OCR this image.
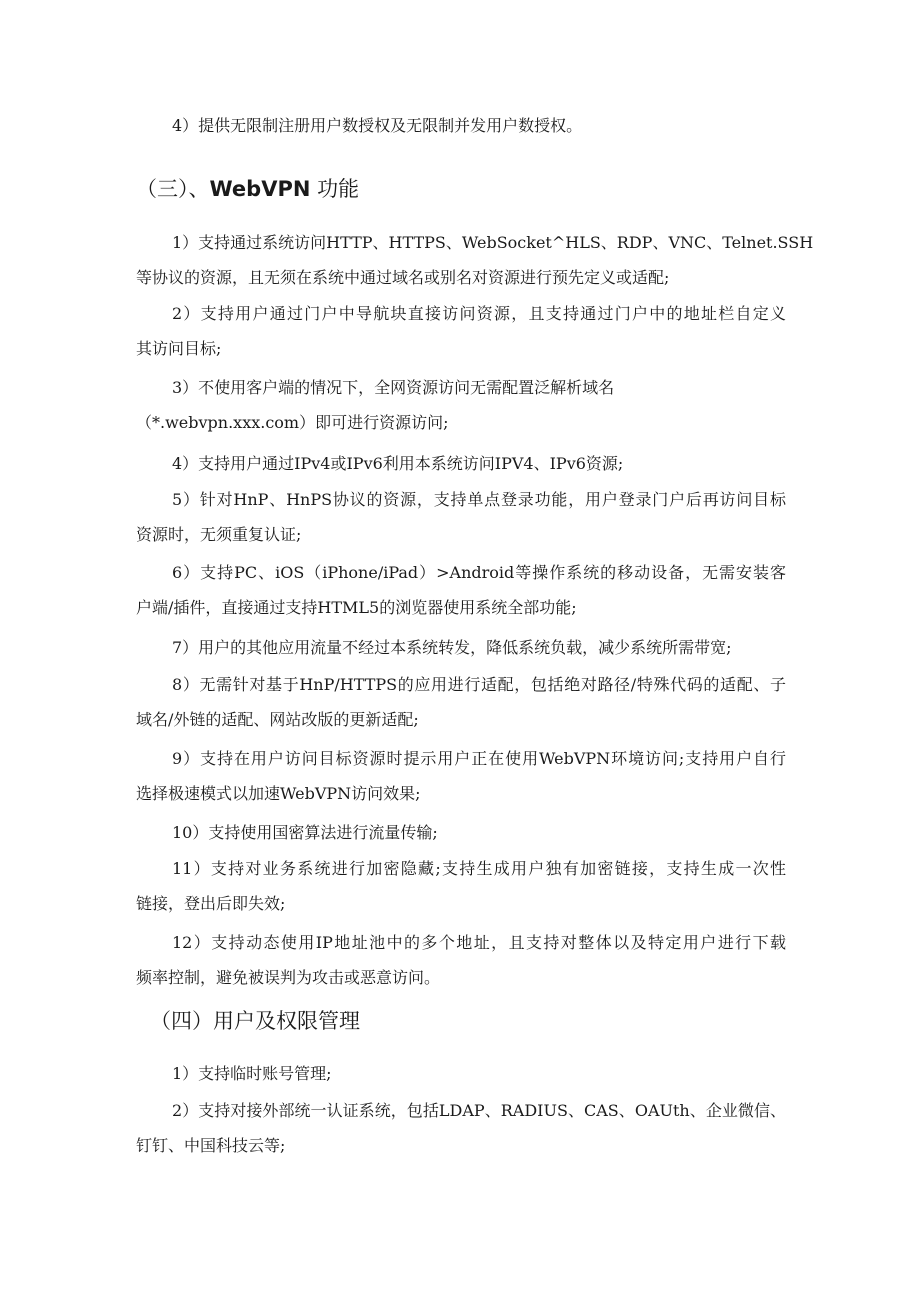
4）提供无限制注册用户数授权及无限制并发用户数授权。
（三）、WebVPN 功能
1）支持通过系统访问HTTP、HTTPS、WebSocket^HLS、RDP、VNC、Telnet.SSH
等协议的资源，且无须在系统中通过域名或别名对资源进行预先定义或适配;
2）支持用户通过门户中导航块直接访问资源，且支持通过门户中的地址栏自定义
其访问目标;
3）不使用客户端的情况下，全网资源访问无需配置泛解析域名
（*.webvpn.xxx.com）即可进行资源访问;
4）支持用户通过IPv4或IPv6利用本系统访问IPV4、IPv6资源;
5）针对HnP、HnPS协议的资源，支持单点登录功能，用户登录门户后再访问目标
资源时，无须重复认证;
6）支持PC、iOS（iPhone/iPad）>Android等操作系统的移动设备，无需安装客
户端/插件，直接通过支持HTML5的浏览器使用系统全部功能;
7）用户的其他应用流量不经过本系统转发，降低系统负载，减少系统所需带宽;
8）无需针对基于HnP/HTTPS的应用进行适配，包括绝对路径/特殊代码的适配、子
域名/外链的适配、网站改版的更新适配;
9）支持在用户访问目标资源时提示用户正在使用WebVPN环境访问;支持用户自行
选择极速模式以加速WebVPN访问效果;
10）支持使用国密算法进行流量传输;
11）支持对业务系统进行加密隐藏;支持生成用户独有加密链接，支持生成一次性
链接，登出后即失效;
12）支持动态使用IP地址池中的多个地址，且支持对整体以及特定用户进行下载
频率控制，避免被误判为攻击或恶意访问。
（四）用户及权限管理
1）支持临时账号管理;
2）支持对接外部统一认证系统，包括LDAP、RADIUS、CAS、OAUth、企业微信、
钉钉、中国科技云等;
